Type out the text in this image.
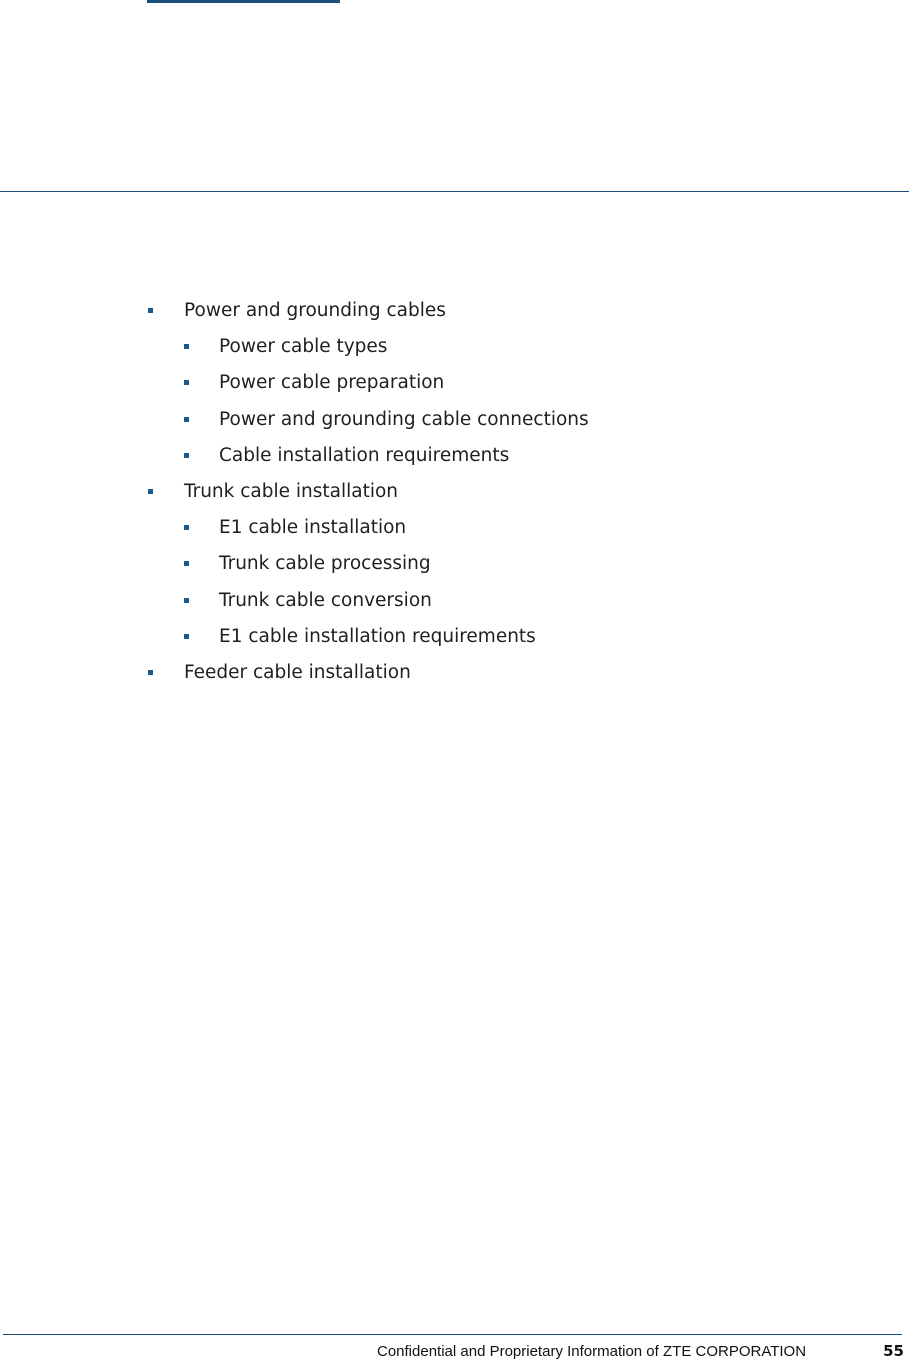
Power and grounding cables
Power cable types
Power cable preparation
Power and grounding cable connections
Cable installation requirements
Trunk cable installation
E1 cable installation
Trunk cable processing
Trunk cable conversion
E1 cable installation requirements
Feeder cable installation
Confidential and Proprietary Information of ZTE CORPORATION	55
